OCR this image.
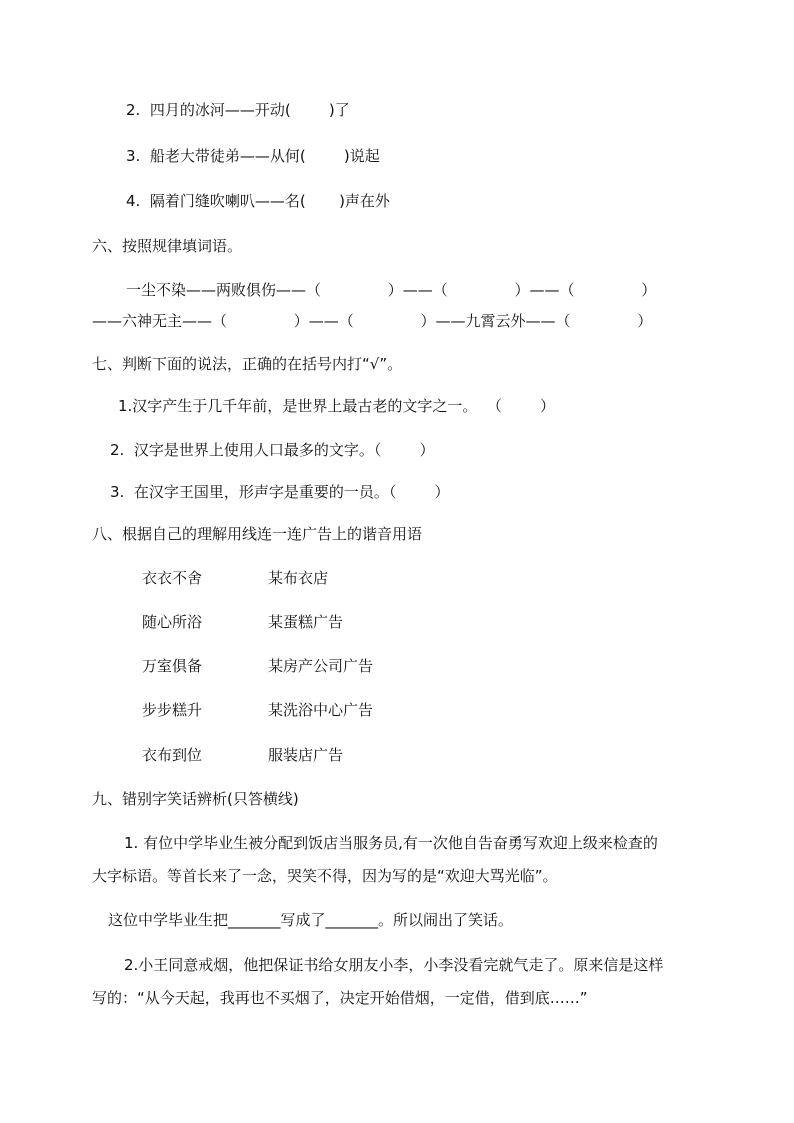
2.  四月的冰河——开动(        )了
3.  船老大带徒弟——从何(        )说起
4.  隔着门缝吹喇叭——名(       )声在外
六、按照规律填词语。
一尘不染——两败俱伤——（              ）——（              ）——（              ）
——六神无主——（              ）——（              ）——九霄云外——（              ）
七、判断下面的说法，正确的在括号内打“√”。
1.汉字产生于几千年前，是世界上最古老的文字之一。  （        ）
2.  汉字是世界上使用人口最多的文字。（        ）
3.  在汉字王国里，形声字是重要的一员。（        ）
八、根据自己的理解用线连一连广告上的谐音用语
衣衣不舍	某布衣店
随心所浴	某蛋糕广告
万室俱备	某房产公司广告
步步糕升	某洗浴中心广告
衣布到位	服装店广告
九、错别字笑话辨析(只答横线)
1. 有位中学毕业生被分配到饭店当服务员,有一次他自告奋勇写欢迎上级来检查的
大字标语。等首长来了一念，哭笑不得，因为写的是“欢迎大骂光临”。
这位中学毕业生把_______写成了_______。所以闹出了笑话。
2.小王同意戒烟，他把保证书给女朋友小李，小李没看完就气走了。原来信是这样
写的：“从今天起，我再也不买烟了，决定开始借烟，一定借，借到底……”
